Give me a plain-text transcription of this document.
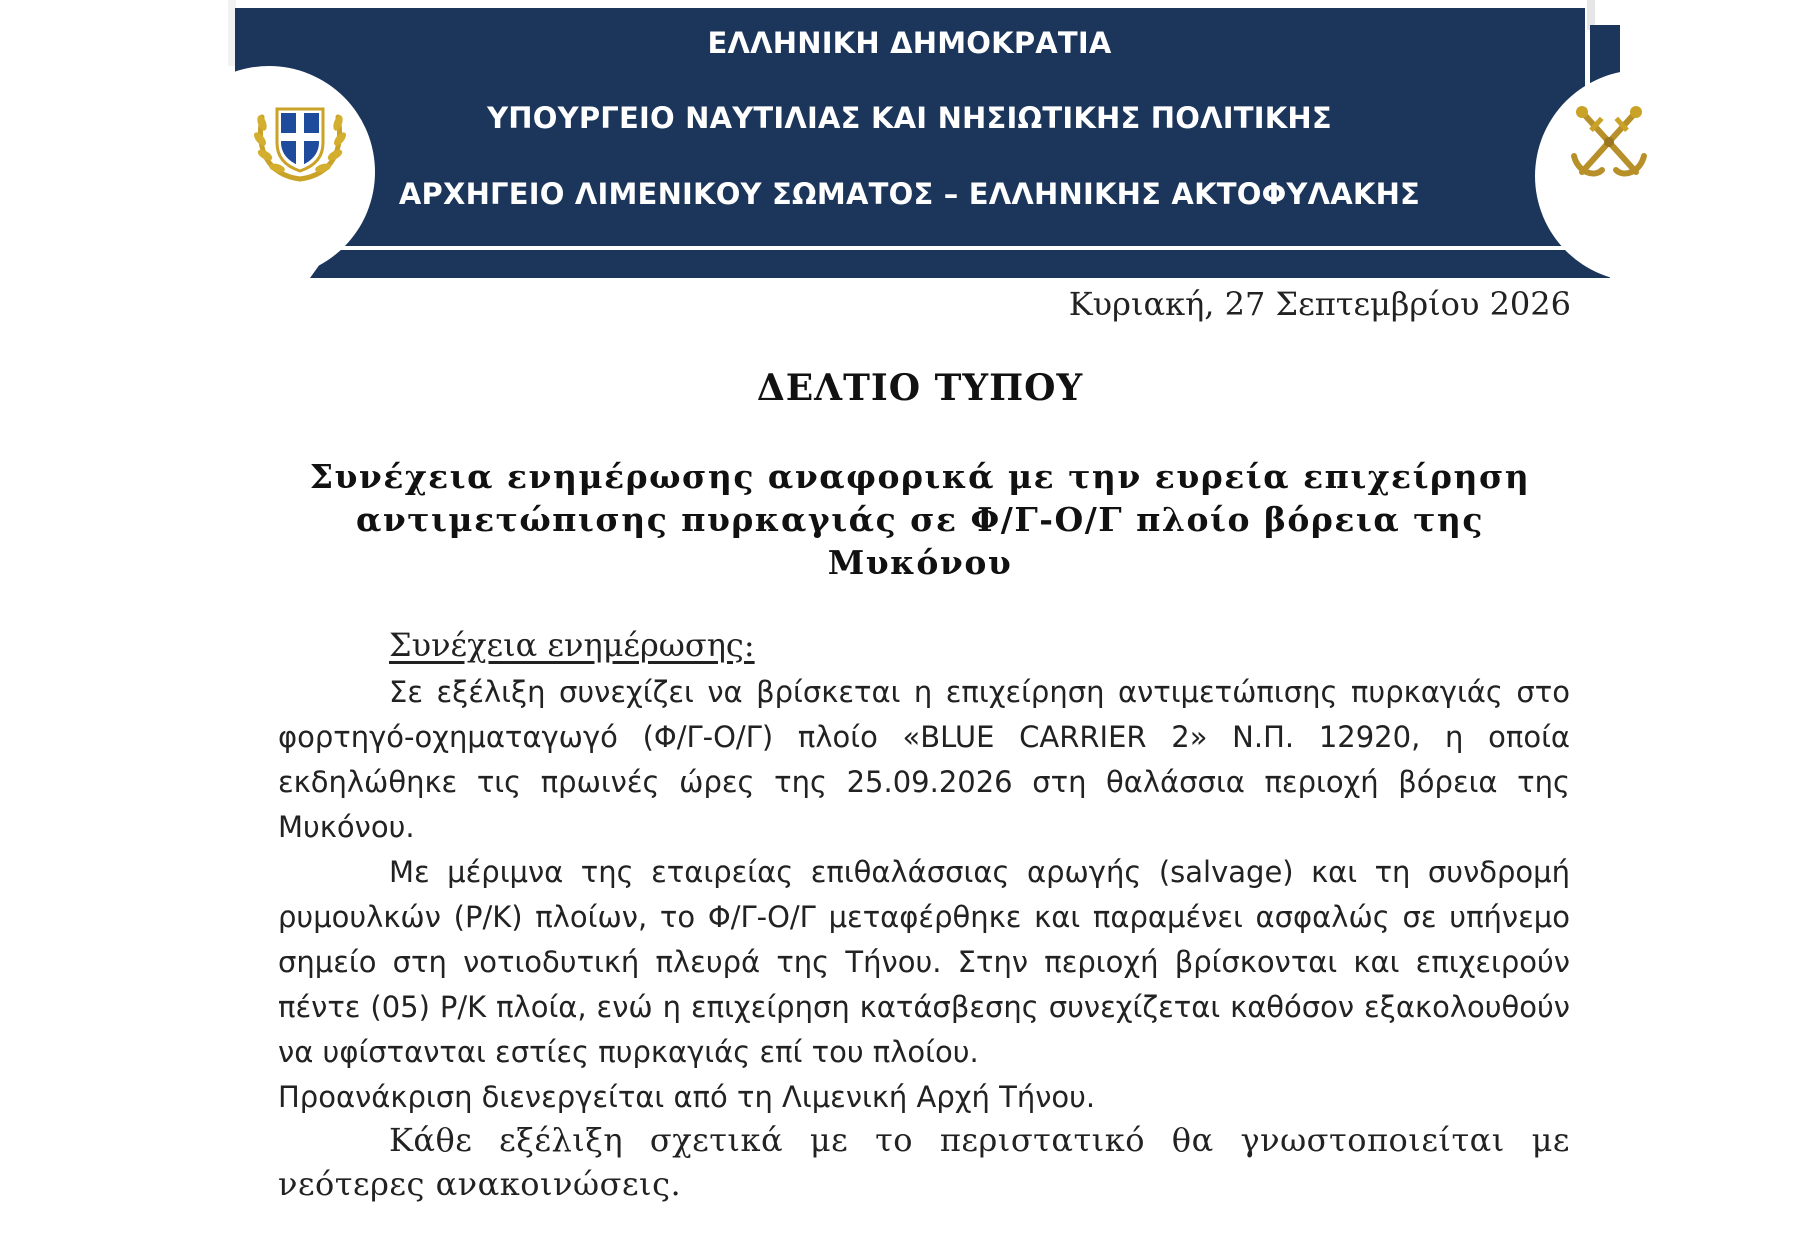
ΕΛΛΗΝΙΚΗ ΔΗΜΟΚΡΑΤΙΑ
ΥΠΟΥΡΓΕΙΟ ΝΑΥΤΙΛΙΑΣ ΚΑΙ ΝΗΣΙΩΤΙΚΗΣ ΠΟΛΙΤΙΚΗΣ
ΑΡΧΗΓΕΙΟ ΛΙΜΕΝΙΚΟΥ ΣΩΜΑΤΟΣ – ΕΛΛΗΝΙΚΗΣ ΑΚΤΟΦΥΛΑΚΗΣ
Κυριακή, 27 Σεπτεμβρίου 2026
ΔΕΛΤΙΟ ΤΥΠΟΥ
Συνέχεια ενημέρωσης αναφορικά με την ευρεία επιχείρηση αντιμετώπισης πυρκαγιάς σε Φ/Γ-Ο/Γ πλοίο βόρεια της Μυκόνου
Συνέχεια ενημέρωσης:

Σε εξέλιξη συνεχίζει να βρίσκεται η επιχείρηση αντιμετώπισης πυρκαγιάς στο φορτηγό-οχηματαγωγό (Φ/Γ-Ο/Γ) πλοίο «BLUE CARRIER 2» Ν.Π. 12920, η οποία εκδηλώθηκε τις πρωινές ώρες της 25.09.2026 στη θαλάσσια περιοχή βόρεια της Μυκόνου.

Με μέριμνα της εταιρείας επιθαλάσσιας αρωγής (salvage) και τη συνδρομή ρυμουλκών (Ρ/Κ) πλοίων, το Φ/Γ-Ο/Γ μεταφέρθηκε και παραμένει ασφαλώς σε υπήνεμο σημείο στη νοτιοδυτική πλευρά της Τήνου. Στην περιοχή βρίσκονται και επιχειρούν πέντε (05) Ρ/Κ πλοία, ενώ η επιχείρηση κατάσβεσης συνεχίζεται καθόσον εξακολουθούν να υφίστανται εστίες πυρκαγιάς επί του πλοίου.

Προανάκριση διενεργείται από τη Λιμενική Αρχή Τήνου.

Κάθε εξέλιξη σχετικά με το περιστατικό θα γνωστοποιείται με νεότερες ανακοινώσεις.
